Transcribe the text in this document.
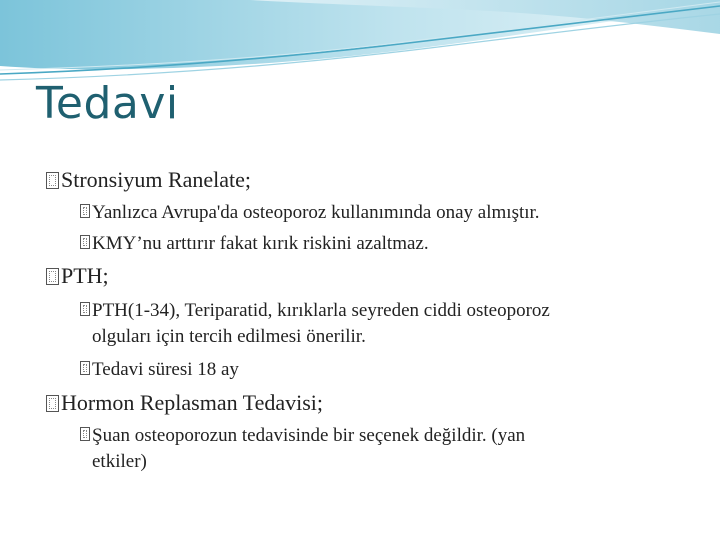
Tedavi
Stronsiyum Ranelate;
Yanlızca Avrupa'da osteoporoz kullanımında onay almıştır.
KMY’nu arttırır fakat kırık riskini azaltmaz.
PTH;
PTH(1-34), Teriparatid, kırıklarla seyreden ciddi osteoporoz
olguları için tercih edilmesi önerilir.
Tedavi süresi 18 ay
Hormon Replasman Tedavisi;
Şuan osteoporozun tedavisinde bir seçenek değildir. (yan
etkiler)
